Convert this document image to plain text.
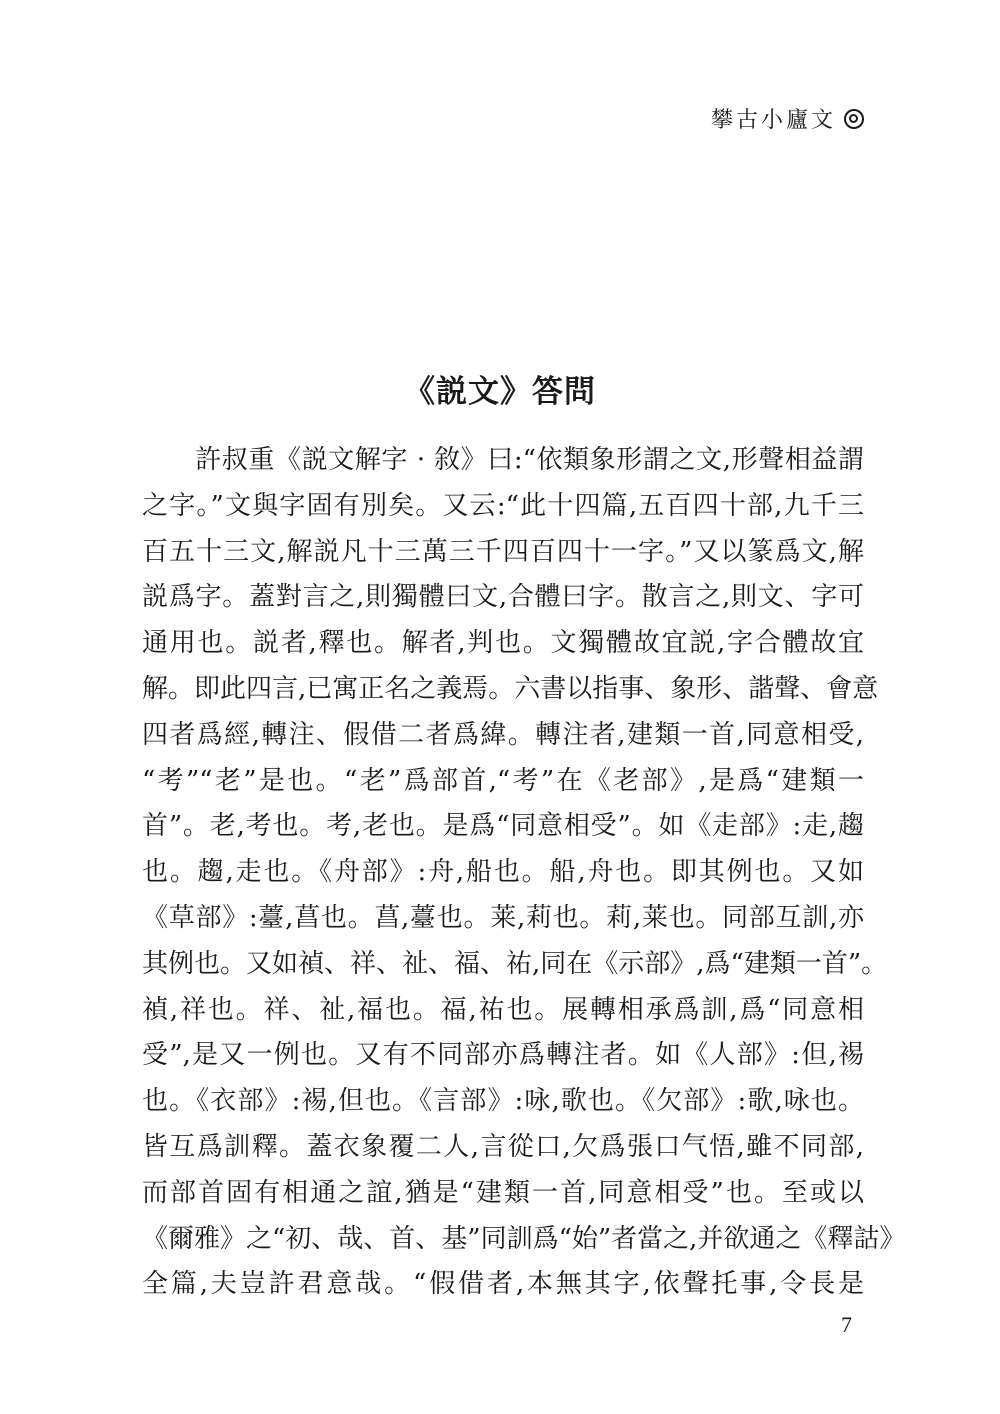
攀古小廬文
《説文》答問
　　許叔重《説文解字 · 敘》曰:“依類象形謂之文,形聲相益謂
之字。”文與字固有別矣。又云:“此十四篇,五百四十部,九千三
百五十三文,解説凡十三萬三千四百四十一字。”又以篆爲文,解
説爲字。蓋對言之,則獨體曰文,合體曰字。散言之,則文、字可
通用也。説者,釋也。解者,判也。文獨體故宜説,字合體故宜
解。即此四言,已寓正名之義焉。六書以指事、象形、諧聲、會意
四者爲經,轉注、假借二者爲緯。轉注者,建類一首,同意相受,
“考”“老”是也。“老”爲部首,“考”在《老部》,是爲“建類一
首”。老,考也。考,老也。是爲“同意相受”。如《走部》:走,趨
也。趨,走也。《舟部》:舟,船也。船,舟也。即其例也。又如
《草部》:薹,菖也。菖,薹也。莱,莉也。莉,莱也。同部互訓,亦
其例也。又如禎、祥、祉、福、祐,同在《示部》,爲“建類一首”。
禎,祥也。祥、祉,福也。福,祐也。展轉相承爲訓,爲“同意相
受”,是又一例也。又有不同部亦爲轉注者。如《人部》:但,裼
也。《衣部》:裼,但也。《言部》:咏,歌也。《欠部》:歌,咏也。
皆互爲訓釋。蓋衣象覆二人,言從口,欠爲張口气悟,雖不同部,
而部首固有相通之誼,猶是“建類一首,同意相受”也。至或以
《爾雅》之“初、哉、首、基”同訓爲“始”者當之,并欲通之《釋詁》
全篇,夫豈許君意哉。“假借者,本無其字,依聲托事,令長是
7
